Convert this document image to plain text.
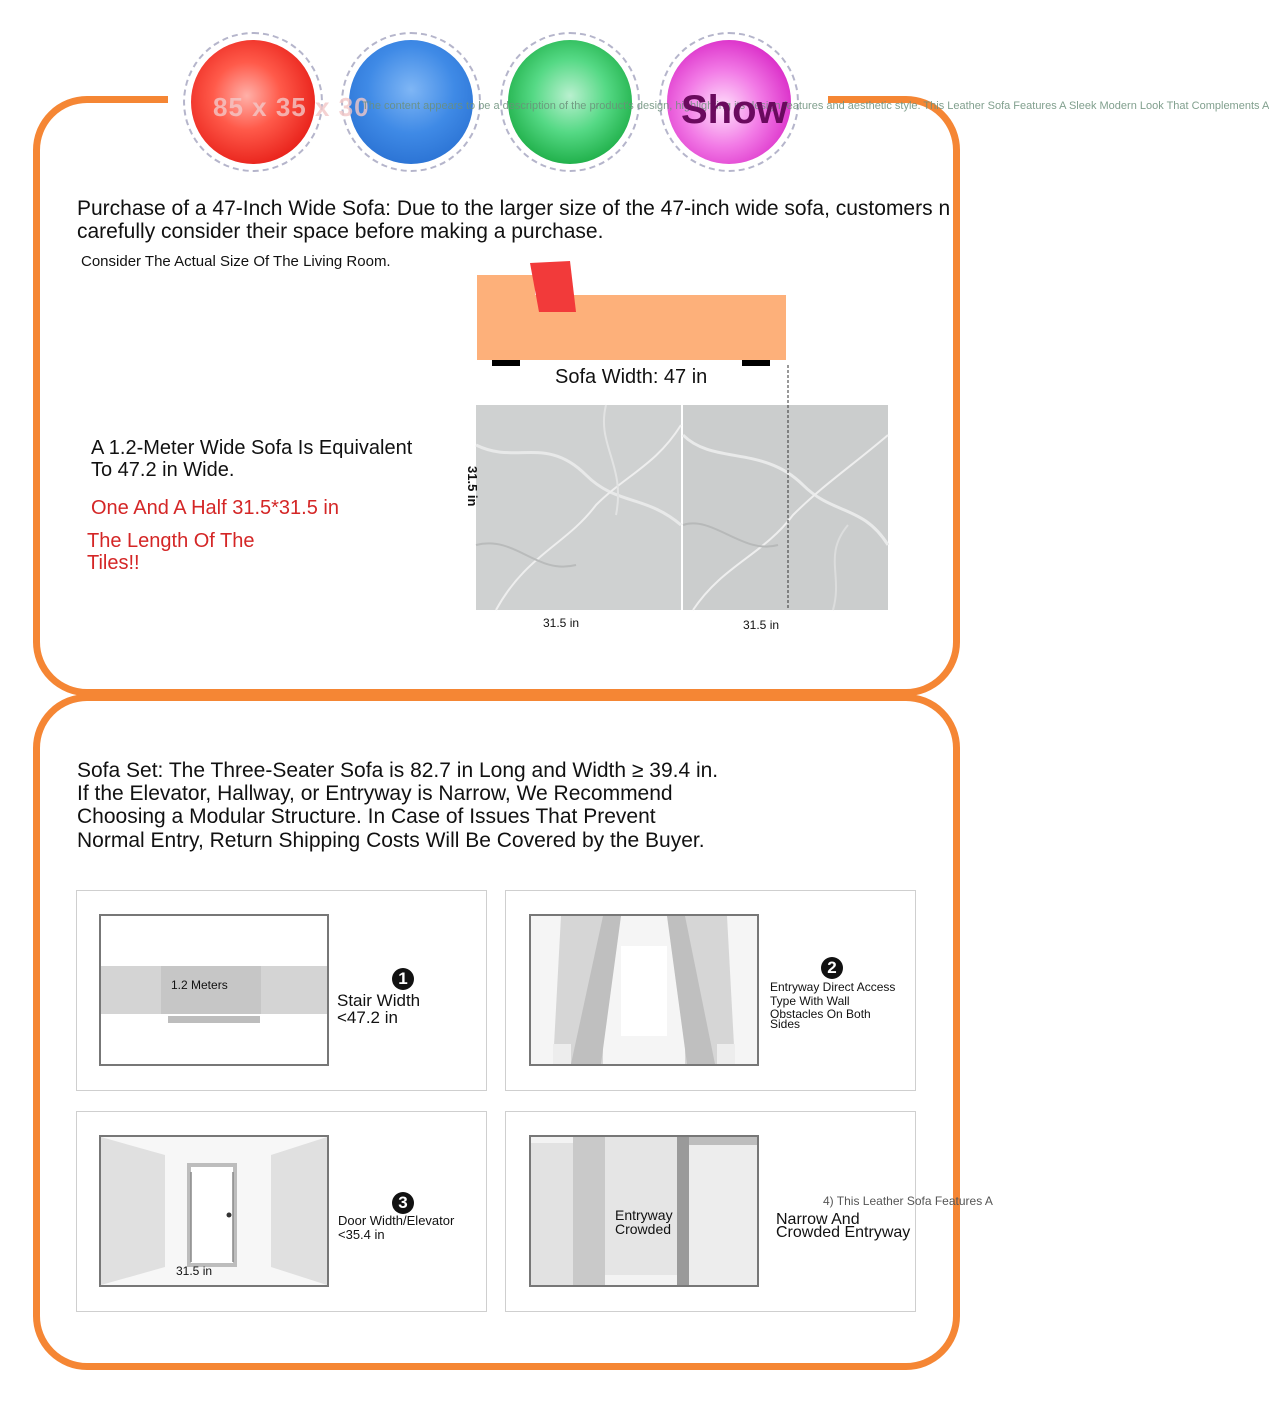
85 x 35 x 30
The content appears to be a description of the product's design, highlighting its design features and aesthetic style. This Leather Sofa Features A Sleek Modern Look That Complements A
Show
Purchase of a 47-Inch Wide Sofa: Due to the larger size of the 47-inch wide sofa, customers n
carefully consider their space before making a purchase.
Consider The Actual Size Of The Living Room.
Sofa Width: 47 in
31.5 in
31.5 in	31.5 in
A 1.2-Meter Wide Sofa Is Equivalent
To 47.2 in Wide.
One And A Half 31.5*31.5 in
The Length Of The
Tiles!!
Sofa Set: The Three-Seater Sofa is 82.7 in Long and Width ≥ 39.4 in.
If the Elevator, Hallway, or Entryway is Narrow, We Recommend
Choosing a Modular Structure. In Case of Issues That Prevent
Normal Entry, Return Shipping Costs Will Be Covered by the Buyer.
1.2 Meters	1
Stair Width
<47.2 in
2
Entryway Direct Access
Type With Wall
Obstacles On Both
Sides
31.5 in
3
Door Width/Elevator
<35.4 in
Entryway
Crowded
4) This Leather Sofa Features A
Narrow And
Crowded Entryway
